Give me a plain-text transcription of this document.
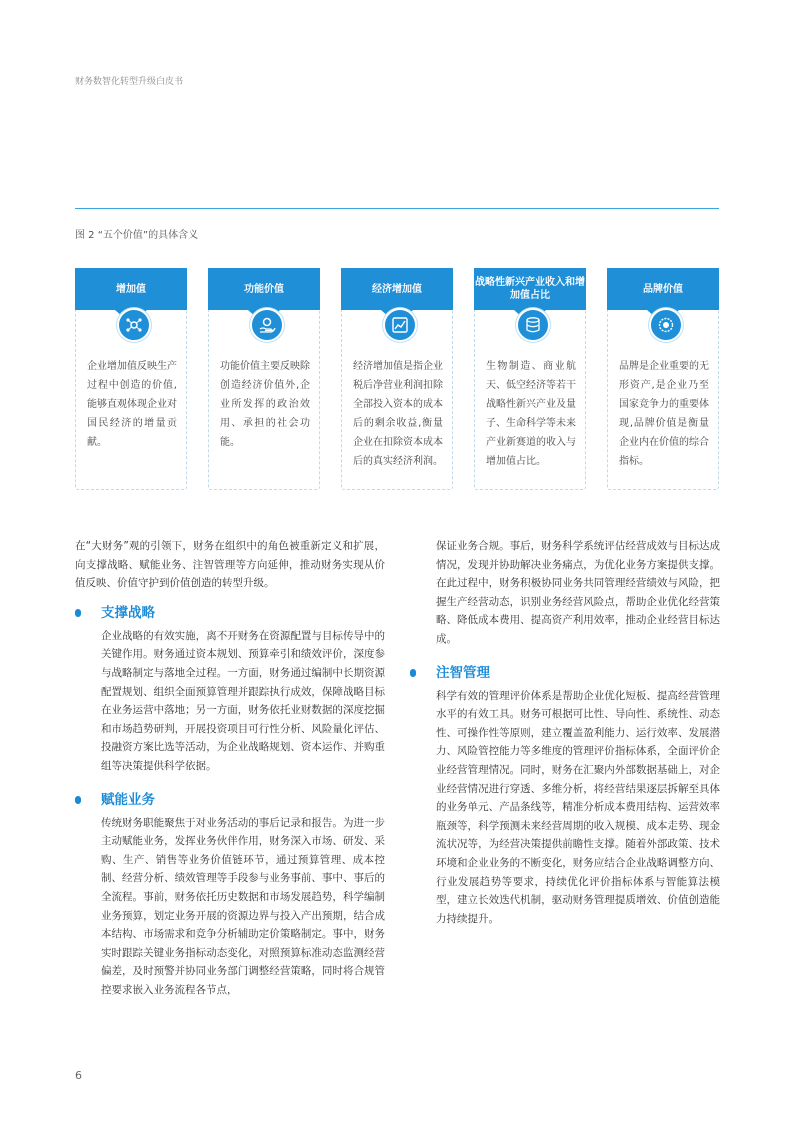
财务数智化转型升级白皮书
图 2 “五个价值”的具体含义
增加值
企业增加值反映生产过程中创造的价值,能够直观体现企业对国民经济的增量贡献。
功能价值
功能价值主要反映除创造经济价值外,企业所发挥的政治效用、承担的社会功能。
经济增加值
经济增加值是指企业税后净营业利润扣除全部投入资本的成本后的剩余收益,衡量企业在扣除资本成本后的真实经济利润。
战略性新兴产业收入和增加值占比
生物制造、商业航天、低空经济等若干战略性新兴产业及量子、生命科学等未来产业新赛道的收入与增加值占比。
品牌价值
品牌是企业重要的无形资产,是企业乃至国家竞争力的重要体现,品牌价值是衡量企业内在价值的综合指标。

在“大财务”观的引领下，财务在组织中的角色被重新定义和扩展，向支撑战略、赋能业务、注智管理等方向延伸，推动财务实现从价值反映、价值守护到价值创造的转型升级。

支撑战略

企业战略的有效实施，离不开财务在资源配置与目标传导中的关键作用。财务通过资本规划、预算牵引和绩效评价，深度参与战略制定与落地全过程。一方面，财务通过编制中长期资源配置规划、组织全面预算管理并跟踪执行成效，保障战略目标在业务运营中落地；另一方面，财务依托业财数据的深度挖掘和市场趋势研判，开展投资项目可行性分析、风险量化评估、投融资方案比选等活动，为企业战略规划、资本运作、并购重组等决策提供科学依据。

赋能业务

传统财务职能聚焦于对业务活动的事后记录和报告。为进一步主动赋能业务，发挥业务伙伴作用，财务深入市场、研发、采购、生产、销售等业务价值链环节，通过预算管理、成本控制、经营分析、绩效管理等手段参与业务事前、事中、事后的全流程。事前，财务依托历史数据和市场发展趋势，科学编制业务预算，划定业务开展的资源边界与投入产出预期，结合成本结构、市场需求和竞争分析辅助定价策略制定。事中，财务实时跟踪关键业务指标动态变化，对照预算标准动态监测经营偏差，及时预警并协同业务部门调整经营策略，同时将合规管控要求嵌入业务流程各节点，

保证业务合规。事后，财务科学系统评估经营成效与目标达成情况，发现并协助解决业务痛点，为优化业务方案提供支撑。在此过程中，财务积极协同业务共同管理经营绩效与风险，把握生产经营动态，识别业务经营风险点，帮助企业优化经营策略、降低成本费用、提高资产利用效率，推动企业经营目标达成。

注智管理

科学有效的管理评价体系是帮助企业优化短板、提高经营管理水平的有效工具。财务可根据可比性、导向性、系统性、动态性、可操作性等原则，建立覆盖盈利能力、运行效率、发展潜力、风险管控能力等多维度的管理评价指标体系，全面评价企业经营管理情况。同时，财务在汇聚内外部数据基础上，对企业经营情况进行穿透、多维分析，将经营结果逐层拆解至具体的业务单元、产品条线等，精准分析成本费用结构、运营效率瓶颈等，科学预测未来经营周期的收入规模、成本走势、现金流状况等，为经营决策提供前瞻性支撑。随着外部政策、技术环境和企业业务的不断变化，财务应结合企业战略调整方向、行业发展趋势等要求，持续优化评价指标体系与智能算法模型，建立长效迭代机制，驱动财务管理提质增效、价值创造能力持续提升。

6
